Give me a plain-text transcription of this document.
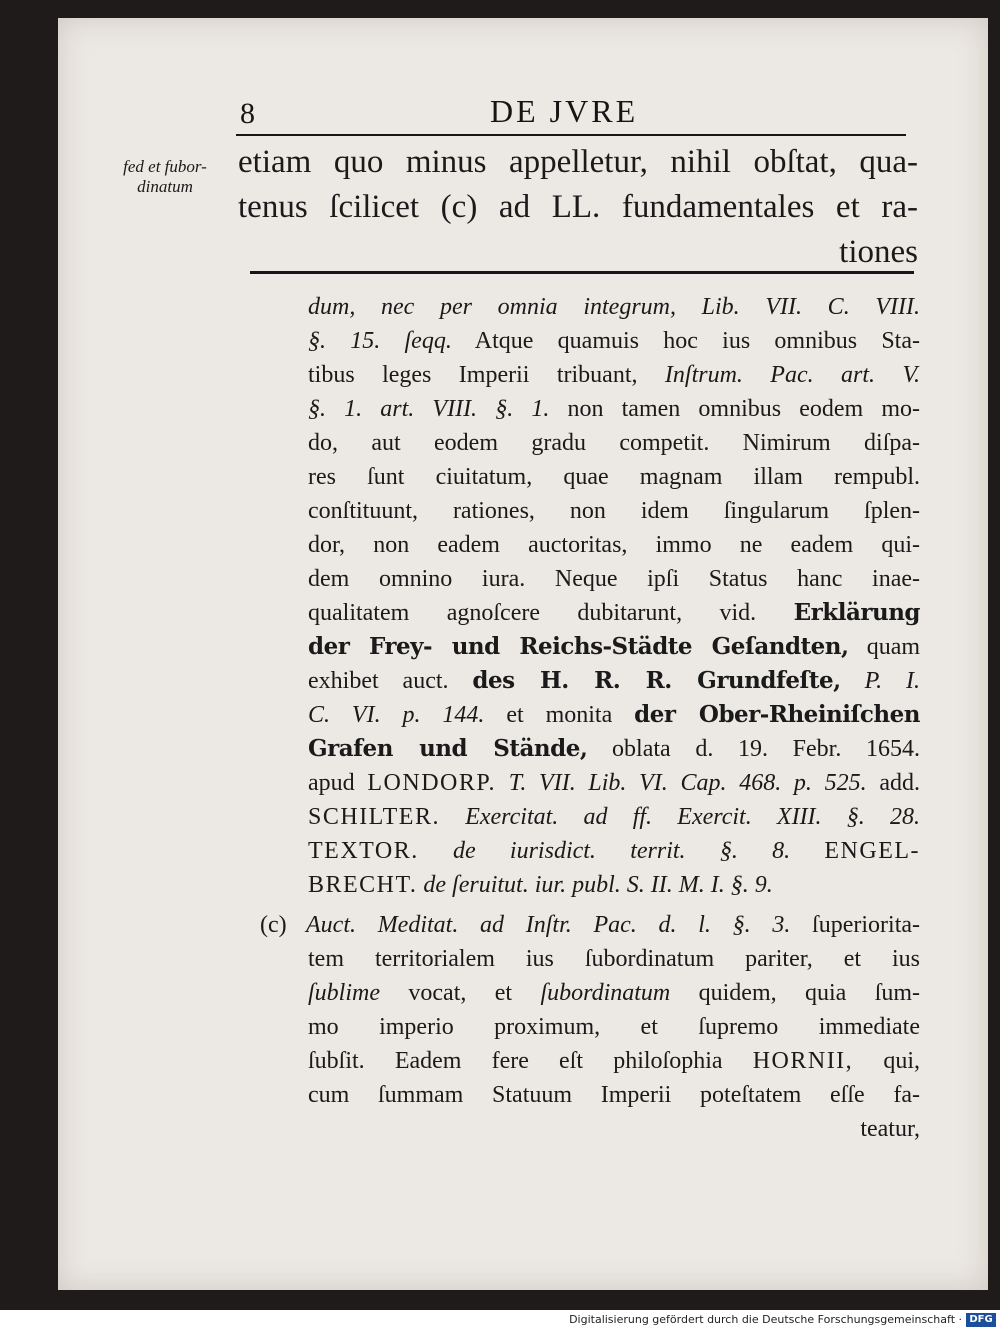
8	DE JVRE

fed et fubor-
dinatum

etiam quo minus appelletur, nihil obſtat, qua-
tenus ſcilicet (c) ad LL. fundamentales et ra-
tiones
dum, nec per omnia integrum, Lib. VII. C. VIII.
§. 15. ſeqq. Atque quamuis hoc ius omnibus Sta-
tibus leges Imperii tribuant, Inſtrum. Pac. art. V.
§. 1. art. VIII. §. 1. non tamen omnibus eodem mo-
do, aut eodem gradu competit. Nimirum diſpa-
res ſunt ciuitatum, quae magnam illam rempubl.
conſtituunt, rationes, non idem ſingularum ſplen-
dor, non eadem auctoritas, immo ne eadem qui-
dem omnino iura. Neque ipſi Status hanc inae-
qualitatem agnoſcere dubitarunt, vid. Erklärung
der Frey- und Reichs-Städte Geſandten, quam
exhibet auct. des H. R. R. Grundfeſte, P. I.
C. VI. p. 144. et monita der Ober-Rheiniſchen
Grafen und Stände, oblata d. 19. Febr. 1654.
apud LONDORP. T. VII. Lib. VI. Cap. 468. p. 525. add.
SCHILTER. Exercitat. ad ff. Exercit. XIII. §. 28.
TEXTOR. de iurisdict. territ. §. 8. ENGEL-
BRECHT. de ſeruitut. iur. publ. S. II. M. I. §. 9.
(c) Auct. Meditat. ad Inſtr. Pac. d. l. §. 3. ſuperiorita-
tem territorialem ius ſubordinatum pariter, et ius
ſublime vocat, et ſubordinatum quidem, quia ſum-
mo imperio proximum, et ſupremo immediate
ſubſit. Eadem fere eſt philoſophia HORNII, qui,
cum ſummam Statuum Imperii poteſtatem eſſe fa-
teatur,
Digitalisierung gefördert durch die Deutsche Forschungsgemeinschaft · DFG
